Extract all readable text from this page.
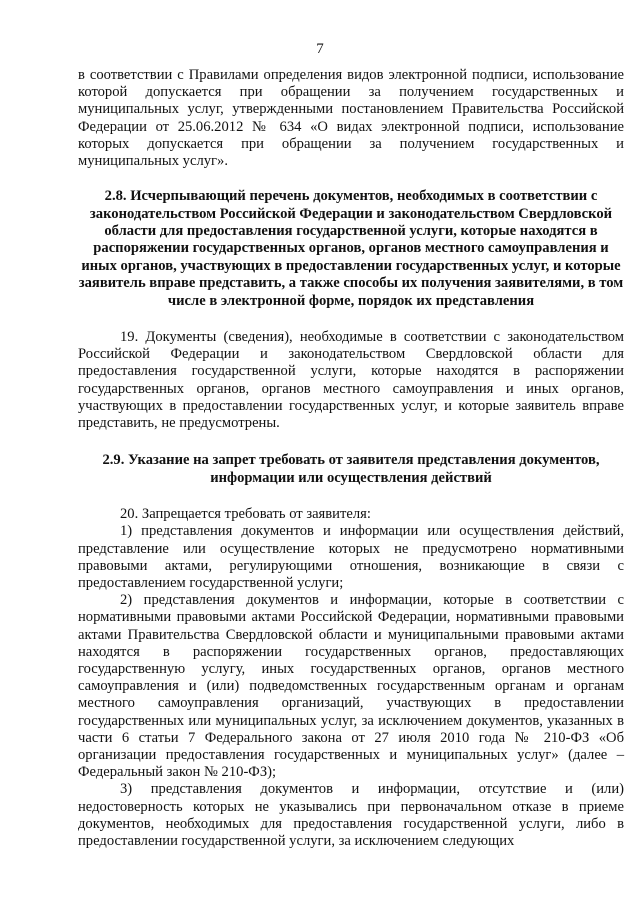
7

в соответствии с Правилами определения видов электронной подписи, использование которой допускается при обращении за получением государственных и муниципальных услуг, утвержденными постановлением Правительства Российской Федерации от 25.06.2012 № 634 «О видах электронной подписи, использование которых допускается при обращении за получением государственных и муниципальных услуг».

2.8. Исчерпывающий перечень документов, необходимых в соответствии с законодательством Российской Федерации и законодательством Свердловской области для предоставления государственной услуги, которые находятся в распоряжении государственных органов, органов местного самоуправления и иных органов, участвующих в предоставлении государственных услуг, и которые заявитель вправе представить, а также способы их получения заявителями, в том числе в электронной форме, порядок их представления

19. Документы (сведения), необходимые в соответствии с законодательством Российской Федерации и законодательством Свердловской области для предоставления государственной услуги, которые находятся в распоряжении государственных органов, органов местного самоуправления и иных органов, участвующих в предоставлении государственных услуг, и которые заявитель вправе представить, не предусмотрены.

2.9. Указание на запрет требовать от заявителя представления документов, информации или осуществления действий

20. Запрещается требовать от заявителя:

1) представления документов и информации или осуществления действий, представление или осуществление которых не предусмотрено нормативными правовыми актами, регулирующими отношения, возникающие в связи с предоставлением государственной услуги;

2) представления документов и информации, которые в соответствии с нормативными правовыми актами Российской Федерации, нормативными правовыми актами Правительства Свердловской области и муниципальными правовыми актами находятся в распоряжении государственных органов, предоставляющих государственную услугу, иных государственных органов, органов местного самоуправления и (или) подведомственных государственным органам и органам местного самоуправления организаций, участвующих в предоставлении государственных или муниципальных услуг, за исключением документов, указанных в части 6 статьи 7 Федерального закона от 27 июля 2010 года № 210-ФЗ «Об организации предоставления государственных и муниципальных услуг» (далее – Федеральный закон № 210-ФЗ);

3) представления документов и информации, отсутствие и (или) недостоверность которых не указывались при первоначальном отказе в приеме документов, необходимых для предоставления государственной услуги, либо в предоставлении государственной услуги, за исключением следующих
